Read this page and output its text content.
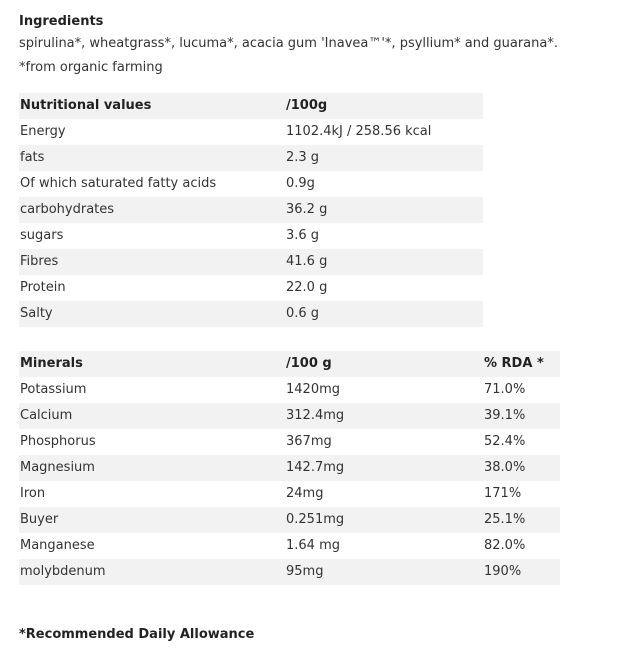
Ingredients
spirulina*, wheatgrass*, lucuma*, acacia gum 'Inavea™'*, psyllium* and guarana*.
*from organic farming
Nutritional values	/100g
Energy	1102.4kJ / 258.56 kcal
fats	2.3 g
Of which saturated fatty acids	0.9g
carbohydrates	36.2 g
sugars	3.6 g
Fibres	41.6 g
Protein	22.0 g
Salty	0.6 g
Minerals	/100 g	% RDA *
Potassium	1420mg	71.0%
Calcium	312.4mg	39.1%
Phosphorus	367mg	52.4%
Magnesium	142.7mg	38.0%
Iron	24mg	171%
Buyer	0.251mg	25.1%
Manganese	1.64 mg	82.0%
molybdenum	95mg	190%

*Recommended Daily Allowance
